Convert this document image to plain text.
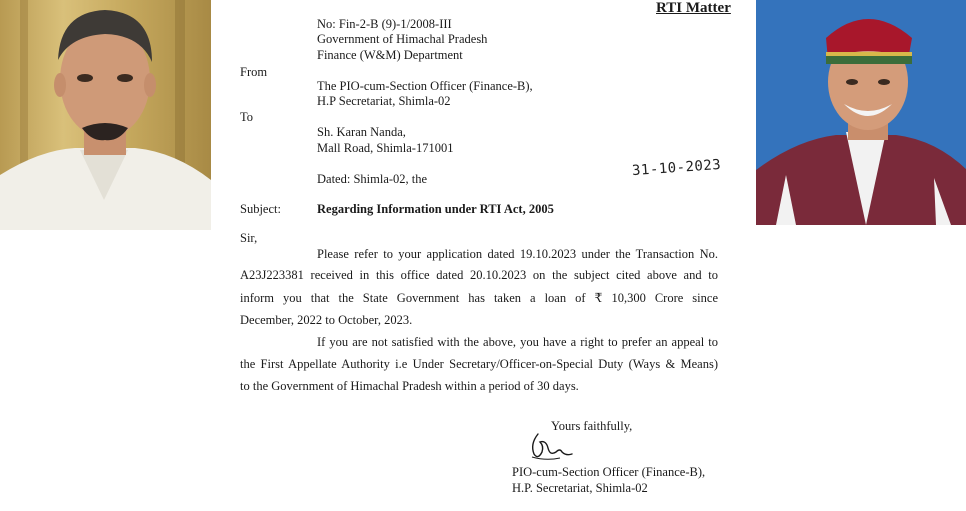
RTI Matter
No: Fin-2-B (9)-1/2008-III
Government of Himachal Pradesh
Finance (W&M) Department
From
The PIO-cum-Section Officer (Finance-B),
H.P Secretariat, Shimla-02
To
Sh. Karan Nanda,
Mall Road, Shimla-171001
Dated: Shimla-02, the	31-10-2023
Subject:	Regarding Information under RTI Act, 2005
Sir,
Please refer to your application dated 19.10.2023 under the Transaction No.
A23J223381 received in this office dated 20.10.2023 on the subject cited above and to
inform you that the State Government has taken a loan of ₹ 10,300 Crore since
December, 2022 to October, 2023.
If you are not satisfied with the above, you have a right to prefer an appeal to
the First Appellate Authority i.e Under Secretary/Officer-on-Special Duty (Ways & Means)
to the Government of Himachal Pradesh within a period of 30 days.
Yours faithfully,
PIO-cum-Section Officer (Finance-B),
H.P. Secretariat, Shimla-02
